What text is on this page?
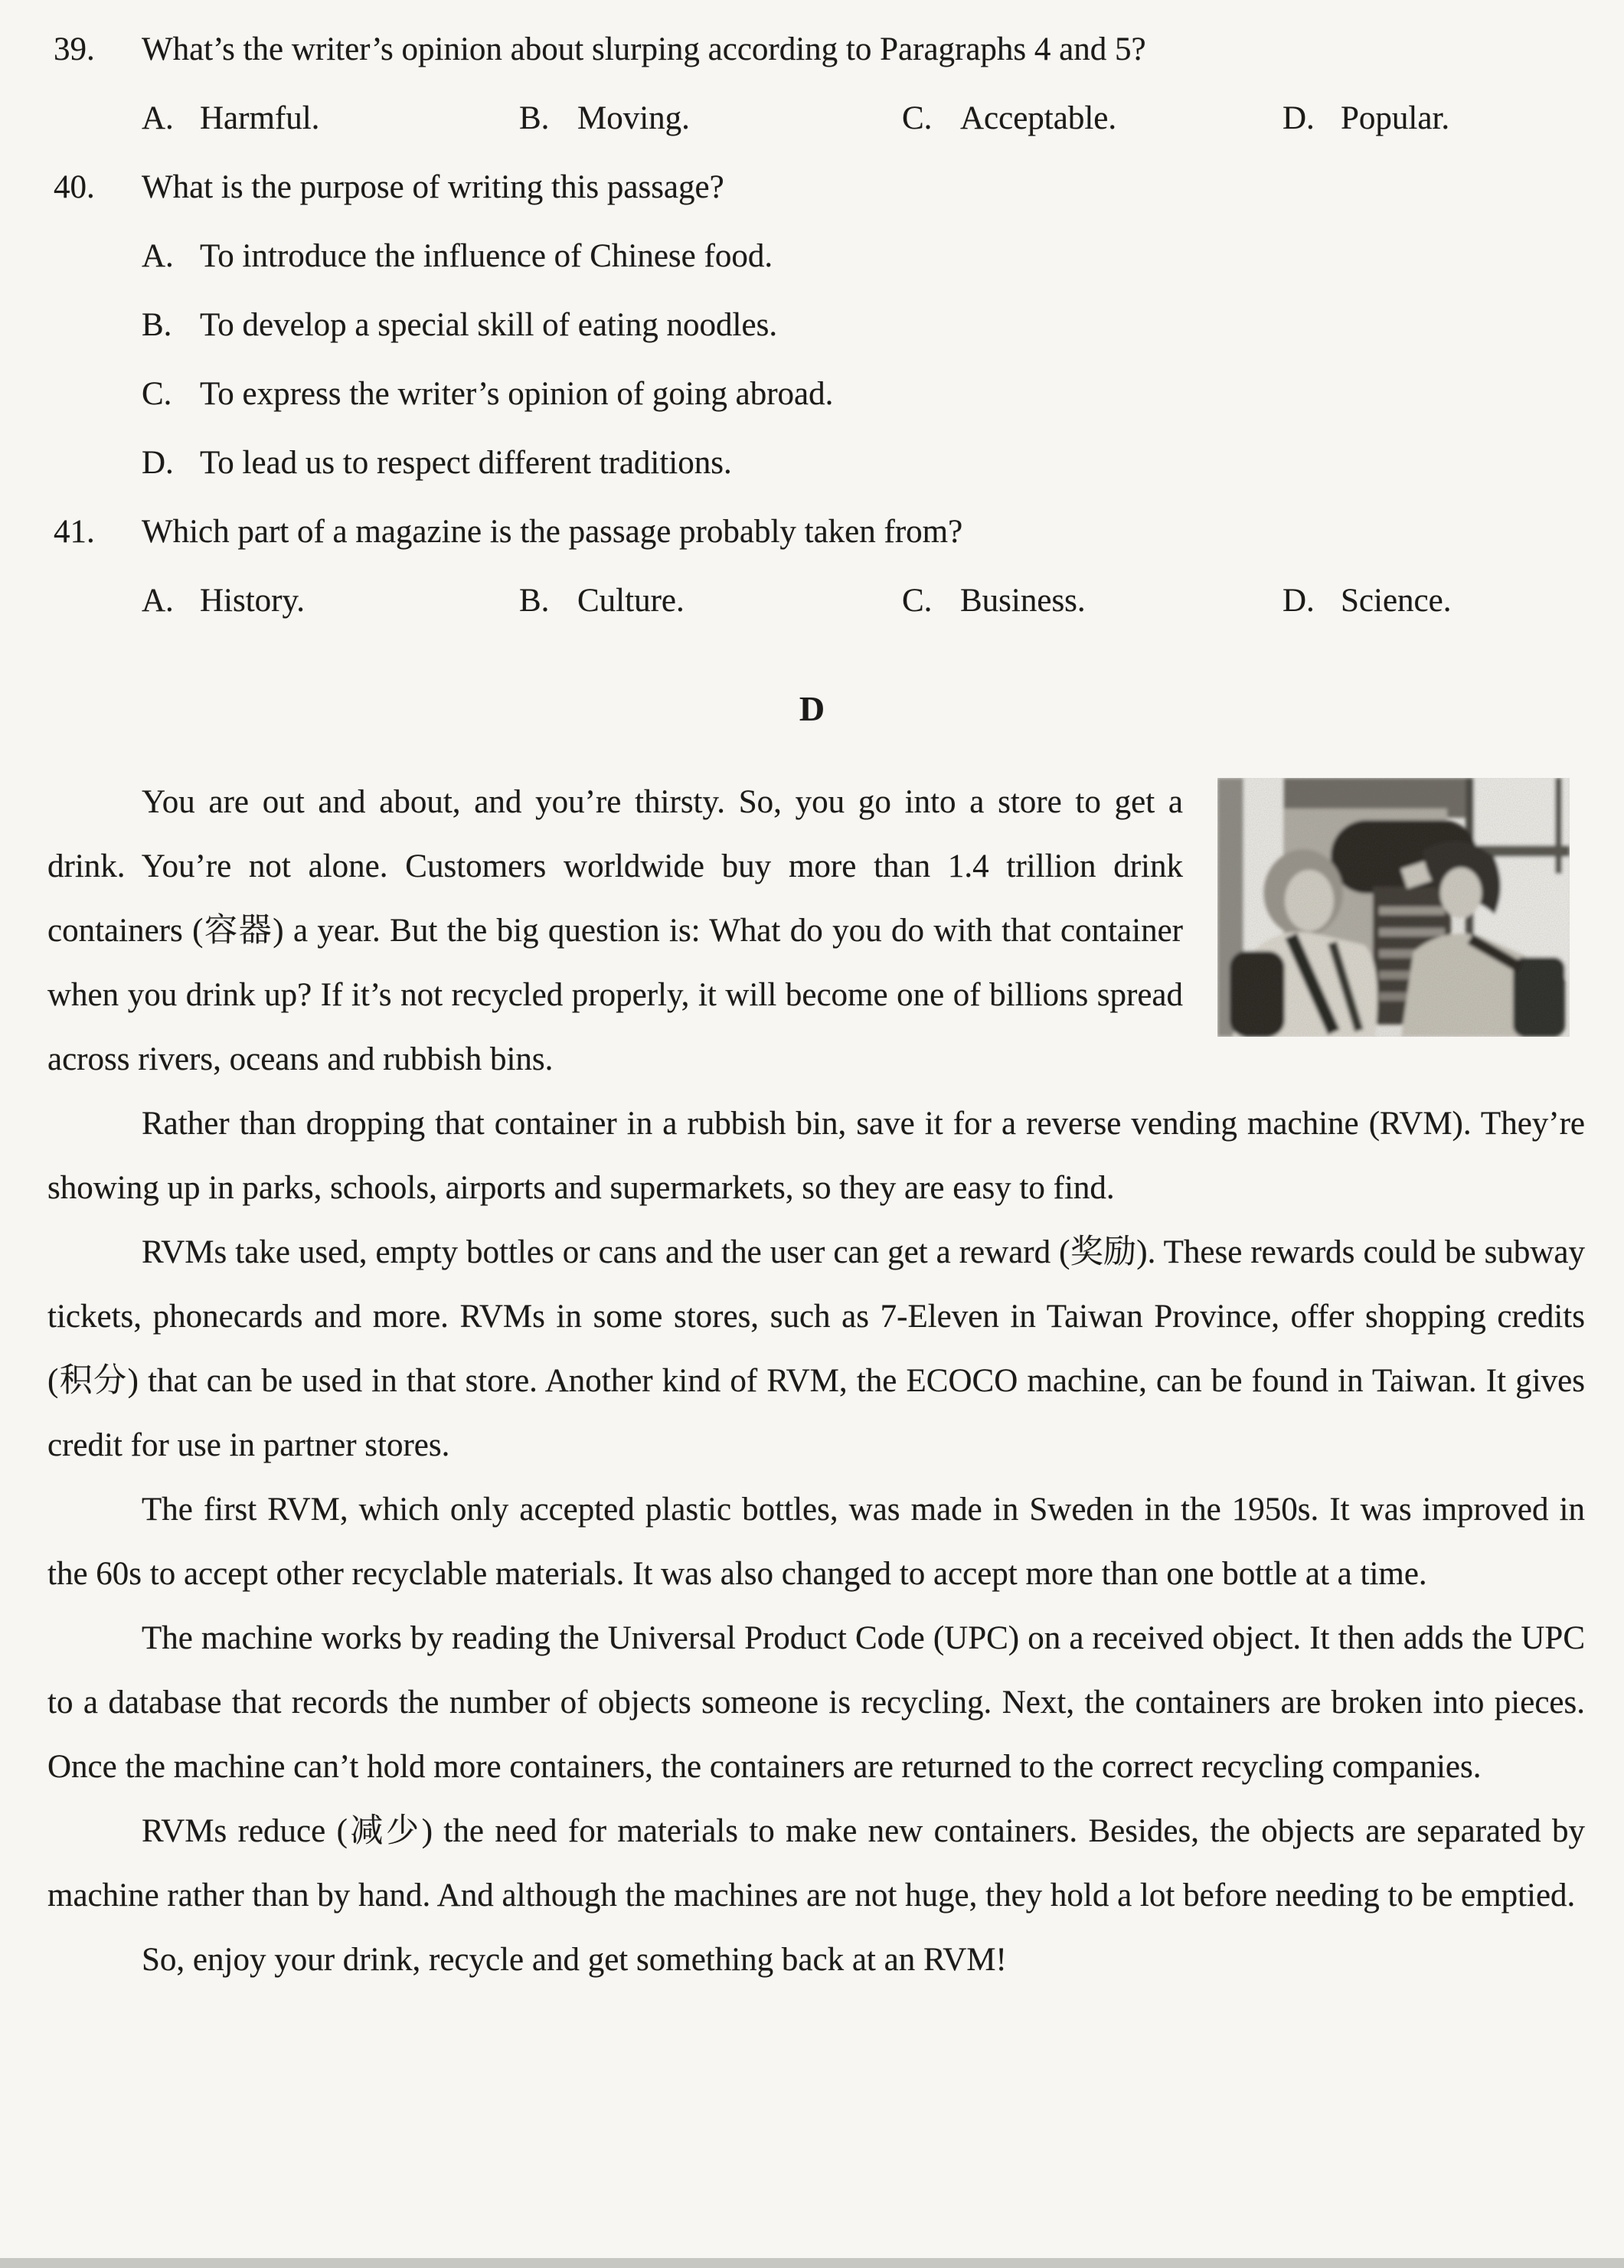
39. What’s the writer’s opinion about slurping according to Paragraphs 4 and 5?
A. Harmful.	B. Moving.	C. Acceptable.	D. Popular.
40. What is the purpose of writing this passage?
A. To introduce the influence of Chinese food.
B. To develop a special skill of eating noodles.
C. To express the writer’s opinion of going abroad.
D. To lead us to respect different traditions.
41. Which part of a magazine is the passage probably taken from?
A. History.	B. Culture.	C. Business.	D. Science.
D

You are out and about, and you’re thirsty. So, you go into a store to get a drink. You’re not alone. Customers worldwide buy more than 1.4 trillion drink containers (容器) a year. But the big question is: What do you do with that container when you drink up? If it’s not recycled properly, it will become one of billions spread across rivers, oceans and rubbish bins.

Rather than dropping that container in a rubbish bin, save it for a reverse vending machine (RVM). They’re showing up in parks, schools, airports and supermarkets, so they are easy to find.

RVMs take used, empty bottles or cans and the user can get a reward (奖励). These rewards could be subway tickets, phonecards and more. RVMs in some stores, such as 7-Eleven in Taiwan Province, offer shopping credits (积分) that can be used in that store. Another kind of RVM, the ECOCO machine, can be found in Taiwan. It gives credit for use in partner stores.

The first RVM, which only accepted plastic bottles, was made in Sweden in the 1950s. It was improved in the 60s to accept other recyclable materials. It was also changed to accept more than one bottle at a time.

The machine works by reading the Universal Product Code (UPC) on a received object. It then adds the UPC to a database that records the number of objects someone is recycling. Next, the containers are broken into pieces. Once the machine can’t hold more containers, the containers are returned to the correct recycling companies.

RVMs reduce (减少) the need for materials to make new containers. Besides, the objects are separated by machine rather than by hand. And although the machines are not huge, they hold a lot before needing to be emptied.

So, enjoy your drink, recycle and get something back at an RVM!
